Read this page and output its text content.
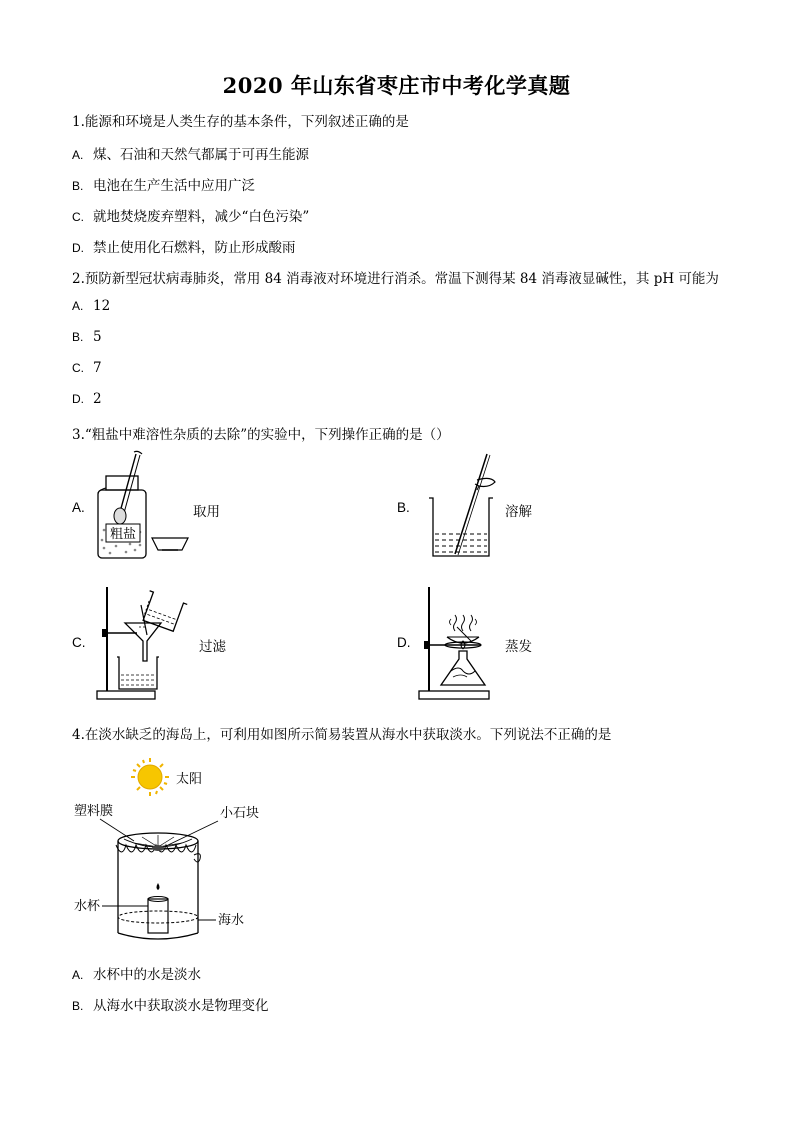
2020 年山东省枣庄市中考化学真题
1.能源和环境是人类生存的基本条件，下列叙述正确的是
A. 煤、石油和天然气都属于可再生能源
B. 电池在生产生活中应用广泛
C. 就地焚烧废弃塑料，减少“白色污染”
D. 禁止使用化石燃料，防止形成酸雨
2.预防新型冠状病毒肺炎，常用 84 消毒液对环境进行消杀。常温下测得某 84 消毒液显碱性，其 pH 可能为
A. 12
B. 5
C. 7
D. 2
3.“粗盐中难溶性杂质的去除”的实验中，下列操作正确的是（）
A.
粗盐
取用	B.	溶解
C.	过滤	D.	蒸发
4.在淡水缺乏的海岛上，可利用如图所示简易装置从海水中获取淡水。下列说法不正确的是
太阳
塑料膜	小石块
水杯
海水
A. 水杯中的水是淡水
B. 从海水中获取淡水是物理变化
